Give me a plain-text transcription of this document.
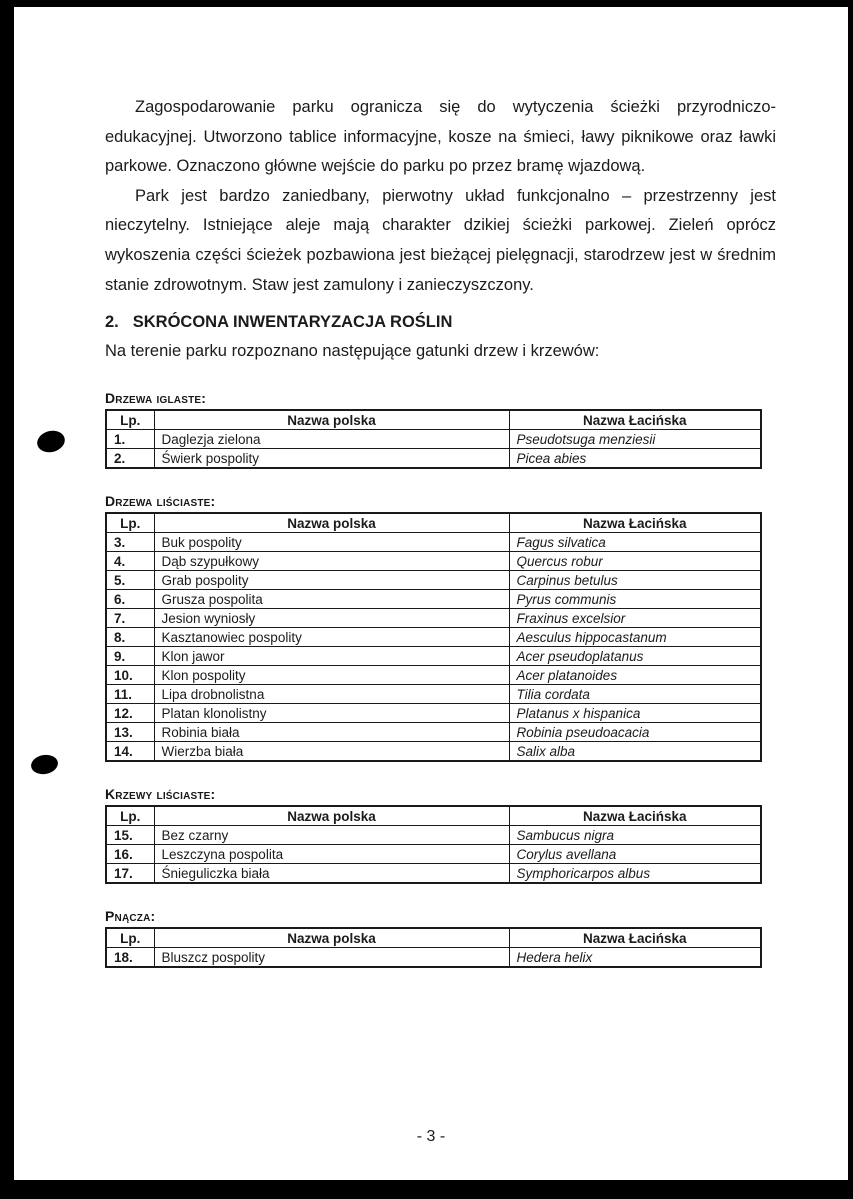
Zagospodarowanie parku ogranicza się do wytyczenia ścieżki przyrodniczo-edukacyjnej. Utworzono tablice informacyjne, kosze na śmieci, ławy piknikowe oraz ławki parkowe. Oznaczono główne wejście do parku po przez bramę wjazdową.

Park jest bardzo zaniedbany, pierwotny układ funkcjonalno – przestrzenny jest nieczytelny. Istniejące aleje mają charakter dzikiej ścieżki parkowej. Zieleń oprócz wykoszenia części ścieżek pozbawiona jest bieżącej pielęgnacji, starodrzew jest w średnim stanie zdrowotnym. Staw jest zamulony i zanieczyszczony.

2. SKRÓCONA INWENTARYZACJA ROŚLIN

Na terenie parku rozpoznano następujące gatunki drzew i krzewów:

Drzewa iglaste:
Lp.	Nazwa polska	Nazwa Łacińska
1.	Daglezja zielona	Pseudotsuga menziesii
2.	Świerk pospolity	Picea abies
Drzewa liściaste:
Lp.	Nazwa polska	Nazwa Łacińska
3.	Buk pospolity	Fagus silvatica
4.	Dąb szypułkowy	Quercus robur
5.	Grab pospolity	Carpinus betulus
6.	Grusza pospolita	Pyrus communis
7.	Jesion wyniosły	Fraxinus excelsior
8.	Kasztanowiec pospolity	Aesculus hippocastanum
9.	Klon jawor	Acer pseudoplatanus
10.	Klon pospolity	Acer platanoides
11.	Lipa drobnolistna	Tilia cordata
12.	Platan klonolistny	Platanus x hispanica
13.	Robinia biała	Robinia pseudoacacia
14.	Wierzba biała	Salix alba
Krzewy liściaste:
Lp.	Nazwa polska	Nazwa Łacińska
15.	Bez czarny	Sambucus nigra
16.	Leszczyna pospolita	Corylus avellana
17.	Śnieguliczka biała	Symphoricarpos albus
Pnącza:
Lp.	Nazwa polska	Nazwa Łacińska
18.	Bluszcz pospolity	Hedera helix
- 3 -
